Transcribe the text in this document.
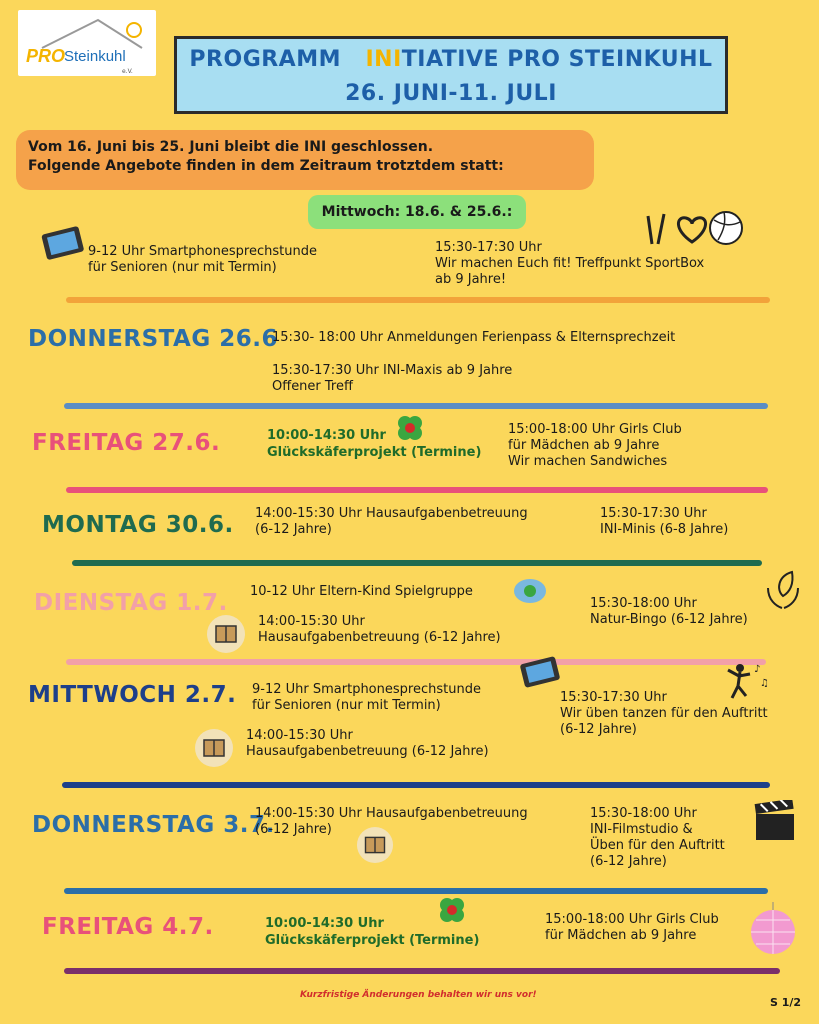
PRO
Steinkuhl
e.V.	PROGRAMM INITIATIVE PRO STEINKUHL
26. JUNI-11. JULI
Vom 16. Juni bis 25. Juni bleibt die INI geschlossen.
Folgende Angebote finden in dem Zeitraum trotztdem statt:
Mittwoch: 18.6. & 25.6.:
9-12 Uhr Smartphonesprechstunde
für Senioren (nur mit Termin)
15:30-17:30 Uhr
Wir machen Euch fit! Treffpunkt SportBox
ab 9 Jahre!
DONNERSTAG 26.6
15:30- 18:00 Uhr Anmeldungen Ferienpass & Elternsprechzeit
15:30-17:30 Uhr INI-Maxis ab 9 Jahre
Offener Treff
FREITAG 27.6.	10:00-14:30 Uhr
Glückskäferprojekt (Termine)
15:00-18:00 Uhr Girls Club
für Mädchen ab 9 Jahre
Wir machen Sandwiches
MONTAG 30.6. 14:00-15:30 Uhr Hausaufgabenbetreuung
(6-12 Jahre)
15:30-17:30 Uhr
INI-Minis (6-8 Jahre)
DIENSTAG 1.7. 10-12 Uhr Eltern-Kind Spielgruppe
14:00-15:30 Uhr
Hausaufgabenbetreuung (6-12 Jahre)
15:30-18:00 Uhr
Natur-Bingo (6-12 Jahre)
MITTWOCH 2.7. 9-12 Uhr Smartphonesprechstunde
für Senioren (nur mit Termin)
14:00-15:30 Uhr
Hausaufgabenbetreuung (6-12 Jahre)
15:30-17:30 Uhr
Wir üben tanzen für den Auftritt
(6-12 Jahre)
♪
♫
DONNERSTAG 3.7.
14:00-15:30 Uhr Hausaufgabenbetreuung
(6-12 Jahre)
15:30-18:00 Uhr
INI-Filmstudio &
Üben für den Auftritt
(6-12 Jahre)
FREITAG 4.7.	10:00-14:30 Uhr
Glückskäferprojekt (Termine)
15:00-18:00 Uhr Girls Club
für Mädchen ab 9 Jahre
Kurzfristige Änderungen behalten wir uns vor!
S 1/2
